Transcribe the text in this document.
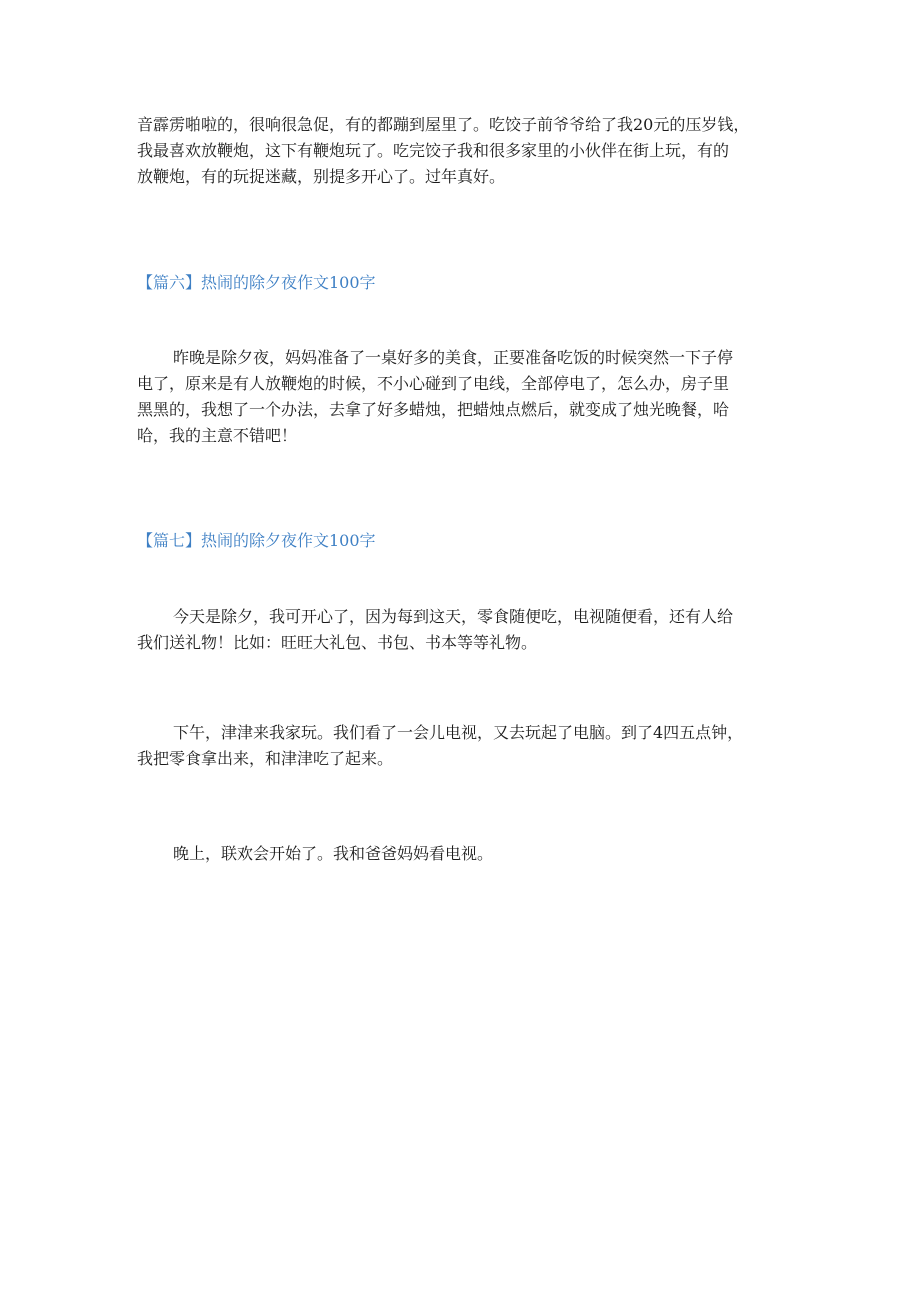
音霹雳啪啦的，很响很急促，有的都蹦到屋里了。吃饺子前爷爷给了我20元的压岁钱，
我最喜欢放鞭炮，这下有鞭炮玩了。吃完饺子我和很多家里的小伙伴在街上玩，有的
放鞭炮，有的玩捉迷藏，别提多开心了。过年真好。
【篇六】热闹的除夕夜作文100字
昨晚是除夕夜，妈妈准备了一桌好多的美食，正要准备吃饭的时候突然一下子停
电了，原来是有人放鞭炮的时候，不小心碰到了电线，全部停电了，怎么办，房子里
黑黑的，我想了一个办法，去拿了好多蜡烛，把蜡烛点燃后，就变成了烛光晚餐，哈
哈，我的主意不错吧！
【篇七】热闹的除夕夜作文100字
今天是除夕，我可开心了，因为每到这天，零食随便吃，电视随便看，还有人给
我们送礼物！比如：旺旺大礼包、书包、书本等等礼物。
下午，津津来我家玩。我们看了一会儿电视，又去玩起了电脑。到了4四五点钟，
我把零食拿出来，和津津吃了起来。
晚上，联欢会开始了。我和爸爸妈妈看电视。
